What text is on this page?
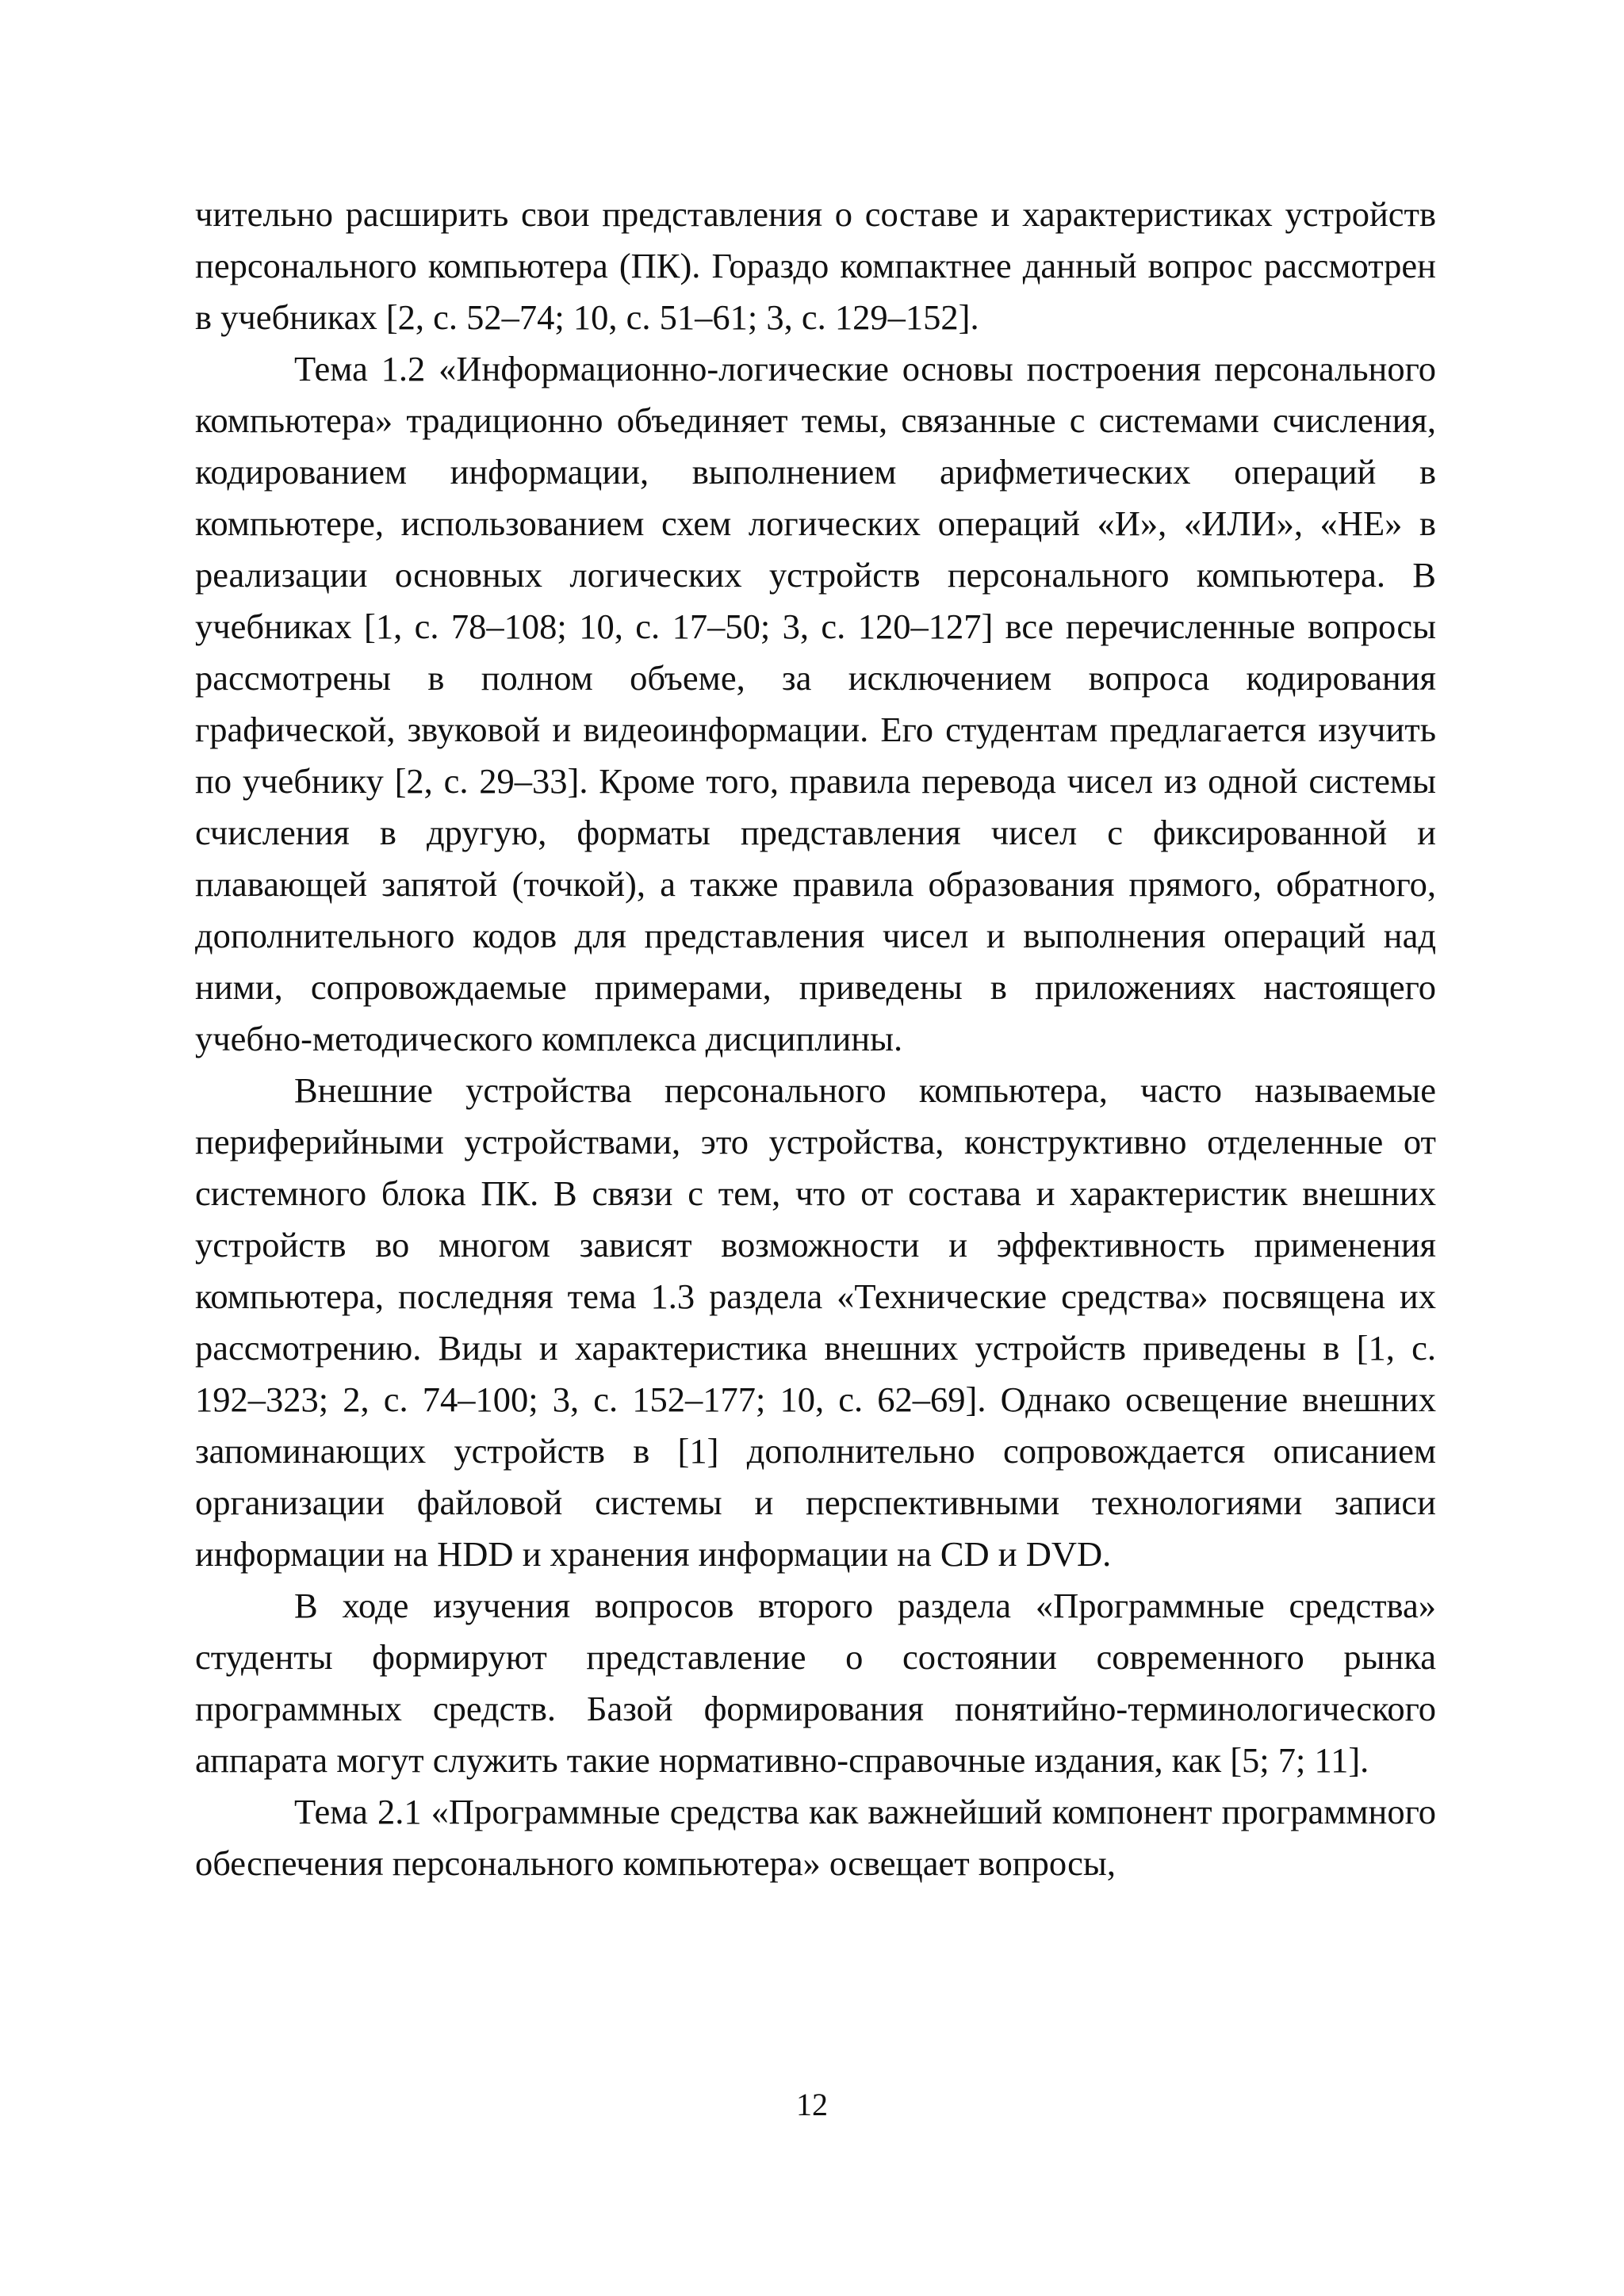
чительно расширить свои представления о составе и характеристиках устройств персонального компьютера (ПК). Гораздо компактнее данный вопрос рассмотрен в учебниках [2, с. 52–74; 10, с. 51–61; 3, с. 129–152].

Тема 1.2 «Информационно-логические основы построения персонального компьютера» традиционно объединяет темы, связанные с системами счисления, кодированием информации, выполнением арифметических операций в компьютере, использованием схем логических операций «И», «ИЛИ», «НЕ» в реализации основных логических устройств персонального компьютера. В учебниках [1, с. 78–108; 10, с. 17–50; 3, с. 120–127] все перечисленные вопросы рассмотрены в полном объеме, за исключением вопроса кодирования графической, звуковой и видеоинформации. Его студентам предлагается изучить по учебнику [2, с. 29–33]. Кроме того, правила перевода чисел из одной системы счисления в другую, форматы представления чисел с фиксированной и плавающей запятой (точкой), а также правила образования прямого, обратного, дополнительного кодов для представления чисел и выполнения операций над ними, сопровождаемые примерами, приведены в приложениях настоящего учебно-методического комплекса дисциплины.

Внешние устройства персонального компьютера, часто называемые периферийными устройствами, это устройства, конструктивно отделенные от системного блока ПК. В связи с тем, что от состава и характеристик внешних устройств во многом зависят возможности и эффективность применения компьютера, последняя тема 1.3 раздела «Технические средства» посвящена их рассмотрению. Виды и характеристика внешних устройств приведены в [1, с. 192–323; 2, с. 74–100; 3, с. 152–177; 10, с. 62–69]. Однако освещение внешних запоминающих устройств в [1] дополнительно сопровождается описанием организации файловой системы и перспективными технологиями записи информации на HDD и хранения информации на CD и DVD.

В ходе изучения вопросов второго раздела «Программные средства» студенты формируют представление о состоянии современного рынка программных средств. Базой формирования понятийно-терминологического аппарата могут служить такие нормативно-справочные издания, как [5; 7; 11].

Тема 2.1 «Программные средства как важнейший компонент программного обеспечения персонального компьютера» освещает вопросы,

12
